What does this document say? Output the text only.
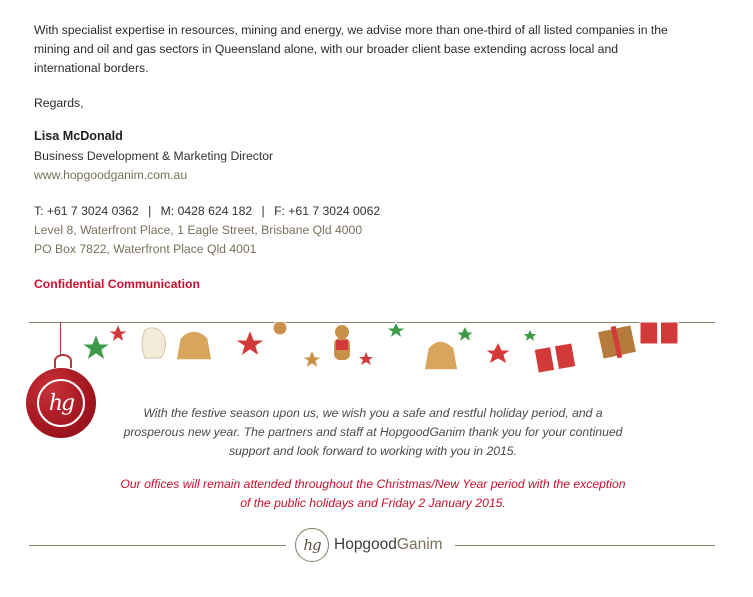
With specialist expertise in resources, mining and energy, we advise more than one-third of all listed companies in the
mining and oil and gas sectors in Queensland alone, with our broader client base extending across local and
international borders.
Regards,
Lisa McDonald
Business Development & Marketing Director
www.hopgoodganim.com.au
T: +61 7 3024 0362 | M: 0428 624 182 | F: +61 7 3024 0062
Level 8, Waterfront Place, 1 Eagle Street, Brisbane Qld 4000
PO Box 7822, Waterfront Place Qld 4001
Confidential Communication
hg	With the festive season upon us, we wish you a safe and restful holiday period, and a
prosperous new year. The partners and staff at HopgoodGanim thank you for your continued
support and look forward to working with you in 2015.
Our offices will remain attended throughout the Christmas/New Year period with the exception
of the public holidays and Friday 2 January 2015.
hg HopgoodGanim
